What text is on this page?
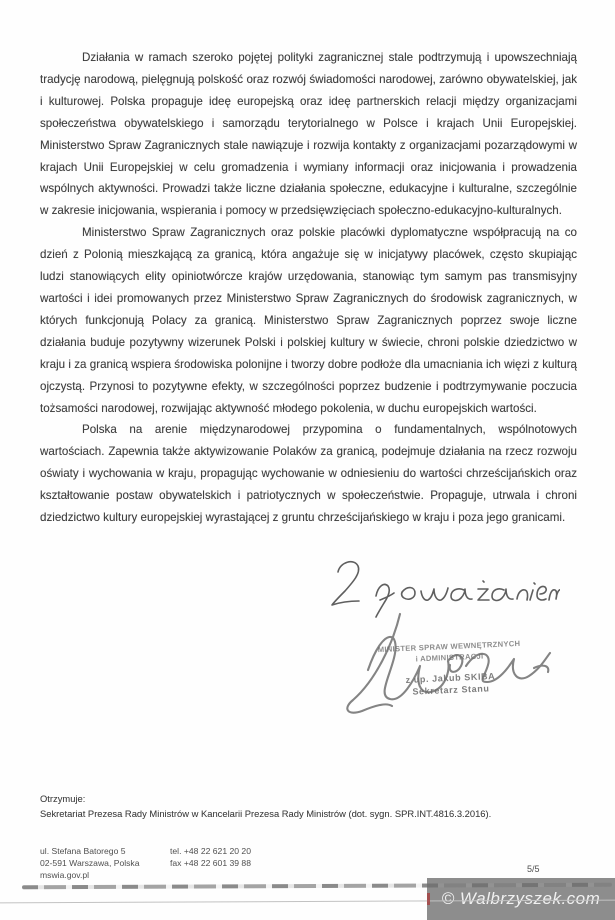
Działania w ramach szeroko pojętej polityki zagranicznej stale podtrzymują i upowszechniają tradycję narodową, pielęgnują polskość oraz rozwój świadomości narodowej, zarówno obywatelskiej, jak i kulturowej. Polska propaguje ideę europejską oraz ideę partnerskich relacji między organizacjami społeczeństwa obywatelskiego i samorządu terytorialnego w Polsce i krajach Unii Europejskiej. Ministerstwo Spraw Zagranicznych stale nawiązuje i rozwija kontakty z organizacjami pozarządowymi w krajach Unii Europejskiej w celu gromadzenia i wymiany informacji oraz inicjowania i prowadzenia wspólnych aktywności. Prowadzi także liczne działania społeczne, edukacyjne i kulturalne, szczególnie w zakresie inicjowania, wspierania i pomocy w przedsięwzięciach społeczno-edukacyjno-kulturalnych.

Ministerstwo Spraw Zagranicznych oraz polskie placówki dyplomatyczne współpracują na co dzień z Polonią mieszkającą za granicą, która angażuje się w inicjatywy placówek, często skupiając ludzi stanowiących elity opiniotwórcze krajów urzędowania, stanowiąc tym samym pas transmisyjny wartości i idei promowanych przez Ministerstwo Spraw Zagranicznych do środowisk zagranicznych, w których funkcjonują Polacy za granicą. Ministerstwo Spraw Zagranicznych poprzez swoje liczne działania buduje pozytywny wizerunek Polski i polskiej kultury w świecie, chroni polskie dziedzictwo w kraju i za granicą wspiera środowiska polonijne i tworzy dobre podłoże dla umacniania ich więzi z kulturą ojczystą. Przynosi to pozytywne efekty, w szczególności poprzez budzenie i podtrzymywanie poczucia tożsamości narodowej, rozwijając aktywność młodego pokolenia, w duchu europejskich wartości.

Polska na arenie międzynarodowej przypomina o fundamentalnych, wspólnotowych wartościach. Zapewnia także aktywizowanie Polaków za granicą, podejmuje działania na rzecz rozwoju oświaty i wychowania w kraju, propagując wychowanie w odniesieniu do wartości chrześcijańskich oraz kształtowanie postaw obywatelskich i patriotycznych w społeczeństwie. Propaguje, utrwala i chroni dziedzictwo kultury europejskiej wyrastającej z gruntu chrześcijańskiego w kraju i poza jego granicami.

MINISTER SPRAW WEWNĘTRZNYCH
i ADMINISTRACJI
z up. Jakub SKIBA
Sekretarz Stanu
Otrzymuje:
Sekretariat Prezesa Rady Ministrów w Kancelarii Prezesa Rady Ministrów (dot. sygn. SPR.INT.4816.3.2016).
ul. Stefana Batorego 5
02-591 Warszawa, Polska
mswia.gov.pl
tel. +48 22 621 20 20
fax +48 22 601 39 88
5/5
© Walbrzyszek.com
